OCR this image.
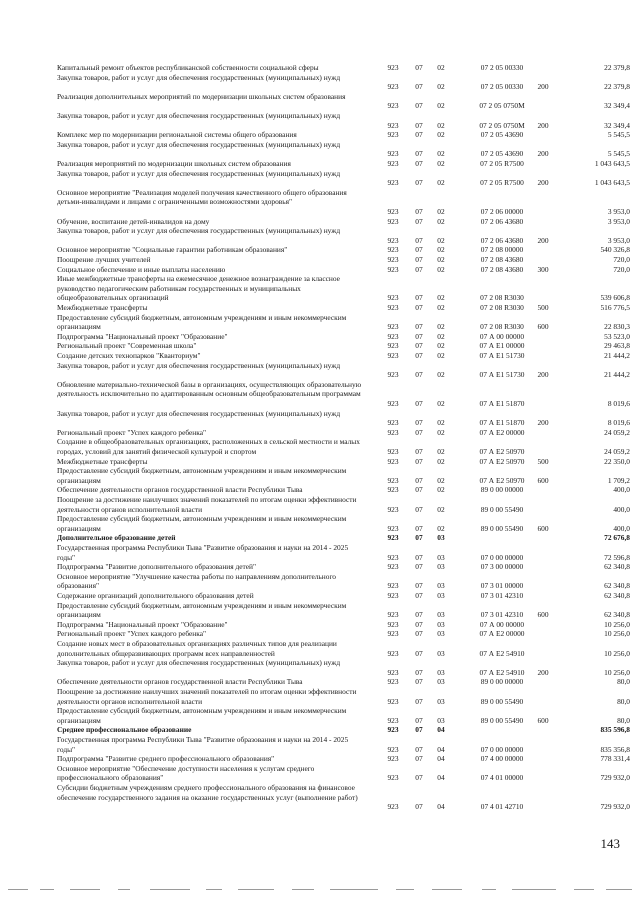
Капитальный ремонт объектов республиканской собственности социальной сферы	923	07	02	07 2 05 00330	22 379,8
Закупка товаров, работ и услуг для обеспечения государственных (муниципальных) нужд
923	07	02	07 2 05 00330	200	22 379,8
Реализация дополнительных мероприятий по модернизации школьных систем образования
923	07	02	07 2 05 0750М	32 349,4
Закупка товаров, работ и услуг для обеспечения государственных (муниципальных) нужд
923	07	02	07 2 05 0750М	200	32 349,4
Комплекс мер по модернизации региональной системы общего образования	923	07	02	07 2 05 43690	5 545,5
Закупка товаров, работ и услуг для обеспечения государственных (муниципальных) нужд
923	07	02	07 2 05 43690	200	5 545,5
Реализация мероприятий по модернизации школьных систем образования	923	07	02	07 2 05 R7500	1 043 643,5
Закупка товаров, работ и услуг для обеспечения государственных (муниципальных) нужд
923	07	02	07 2 05 R7500	200	1 043 643,5
Основное мероприятие "Реализация моделей получения качественного общего образования детьми-инвалидами и лицами с ограниченными возможностями здоровья"
923	07	02	07 2 06 00000	3 953,0
Обучение, воспитание детей-инвалидов на дому	923	07	02	07 2 06 43680	3 953,0
Закупка товаров, работ и услуг для обеспечения государственных (муниципальных) нужд
923	07	02	07 2 06 43680	200	3 953,0
Основное мероприятие "Социальные гарантии работникам образования"	923	07	02	07 2 08 00000	540 326,8
Поощрение лучших учителей	923	07	02	07 2 08 43680	720,0
Социальное обеспечение и иные выплаты населению	923	07	02	07 2 08 43680	300	720,0
Иные межбюджетные трансферты на ежемесячное денежное вознаграждение за классное руководство педагогическим работникам государственных и муниципальных общеобразовательных организаций	923	07	02	07 2 08 R3030	539 606,8
Межбюджетные трансферты	923	07	02	07 2 08 R3030	500	516 776,5
Предоставление субсидий бюджетным, автономным учреждениям и иным некоммерческим организациям	923	07	02	07 2 08 R3030	600	22 830,3
Подпрограмма "Национальный проект "Образование"	923	07	02	07 А 00 00000	53 523,0
Региональный проект "Современная школа"	923	07	02	07 А Е1 00000	29 463,8
Создание детских технопарков "Кванториум"	923	07	02	07 А Е1 51730	21 444,2
Закупка товаров, работ и услуг для обеспечения государственных (муниципальных) нужд
923	07	02	07 А Е1 51730	200	21 444,2
Обновление материально-технической базы в организациях, осуществляющих образовательную деятельность исключительно по адаптированным основным общеобразовательным программам
923	07	02	07 А Е1 51870	8 019,6
Закупка товаров, работ и услуг для обеспечения государственных (муниципальных) нужд
923	07	02	07 А Е1 51870	200	8 019,6
Региональный проект "Успех каждого ребенка"	923	07	02	07 А Е2 00000	24 059,2
Создание в общеобразовательных организациях, расположенных в сельской местности и малых городах, условий для занятий физической культурой и спортом	923	07	02	07 А Е2 50970	24 059,2
Межбюджетные трансферты	923	07	02	07 А Е2 50970	500	22 350,0
Предоставление субсидий бюджетным, автономным учреждениям и иным некоммерческим организациям	923	07	02	07 А Е2 50970	600	1 709,2
Обеспечение деятельности органов государственной власти Республики Тыва	923	07	02	89 0 00 00000	400,0
Поощрение за достижение наилучших значений показателей по итогам оценки эффективности деятельности органов исполнительной власти	923	07	02	89 0 00 55490	400,0
Предоставление субсидий бюджетным, автономным учреждениям и иным некоммерческим организациям	923	07	02	89 0 00 55490	600	400,0
Дополнительное образование детей	923	07	03	72 676,8
Государственная программа Республики Тыва "Развитие образования и науки на 2014 - 2025 годы"	923	07	03	07 0 00 00000	72 596,8
Подпрограмма "Развитие дополнительного образования детей"	923	07	03	07 3 00 00000	62 340,8
Основное мероприятие "Улучшение качества работы по направлениям дополнительного образования"	923	07	03	07 3 01 00000	62 340,8
Содержание организаций дополнительного образования детей	923	07	03	07 3 01 42310	62 340,8
Предоставление субсидий бюджетным, автономным учреждениям и иным некоммерческим организациям	923	07	03	07 3 01 42310	600	62 340,8
Подпрограмма "Национальный проект "Образование"	923	07	03	07 А 00 00000	10 256,0
Региональный проект "Успех каждого ребенка"	923	07	03	07 А Е2 00000	10 256,0
Создание новых мест в образовательных организациях различных типов для реализации дополнительных общеразвивающих программ всех направленностей	923	07	03	07 А Е2 54910	10 256,0
Закупка товаров, работ и услуг для обеспечения государственных (муниципальных) нужд
923	07	03	07 А Е2 54910	200	10 256,0
Обеспечение деятельности органов государственной власти Республики Тыва	923	07	03	89 0 00 00000	80,0
Поощрение за достижение наилучших значений показателей по итогам оценки эффективности деятельности органов исполнительной власти	923	07	03	89 0 00 55490	80,0
Предоставление субсидий бюджетным, автономным учреждениям и иным некоммерческим организациям	923	07	03	89 0 00 55490	600	80,0
Среднее профессиональное образование	923	07	04	835 596,8
Государственная программа Республики Тыва "Развитие образования и науки на 2014 - 2025 годы"	923	07	04	07 0 00 00000	835 356,8
Подпрограмма "Развитие среднего профессионального образования"	923	07	04	07 4 00 00000	778 331,4
Основное мероприятие "Обеспечение доступности населения к услугам среднего профессионального образования"	923	07	04	07 4 01 00000	729 932,0
Субсидии бюджетным учреждениям среднего профессионального образования на финансовое обеспечение государственного задания на оказание государственных услуг (выполнение работ)
923	07	04	07 4 01 42710	729 932,0
143
